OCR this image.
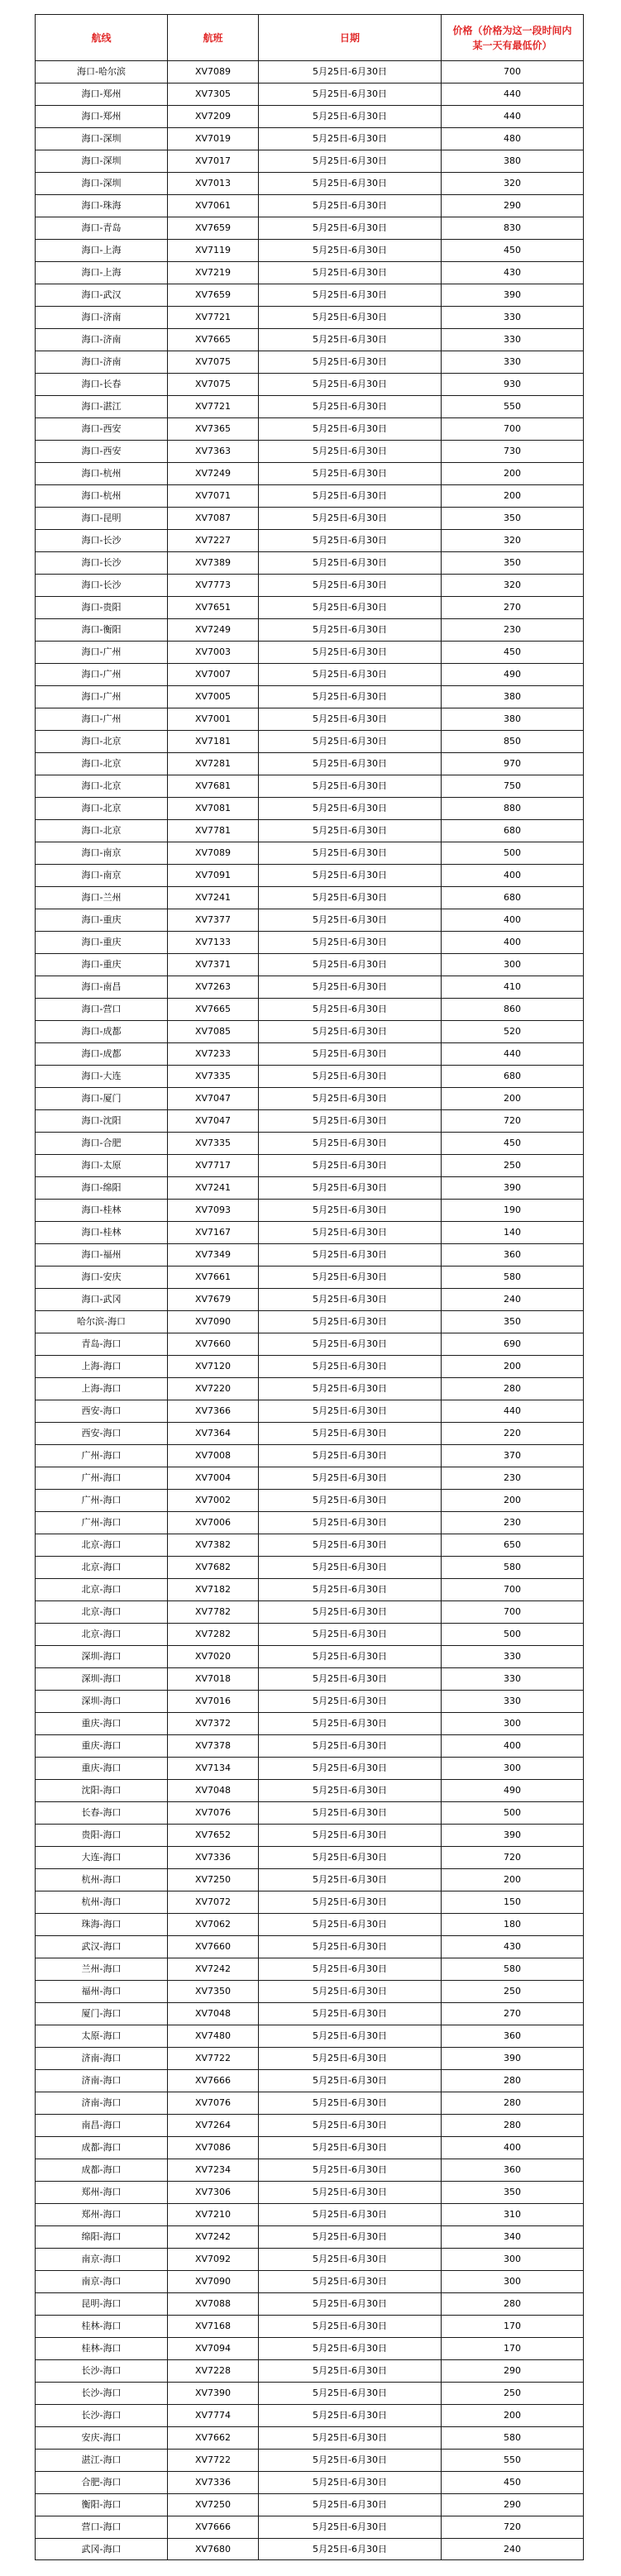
航线	航班	日期	价格（价格为这一段时间内某一天有最低价）
海口-哈尔滨	XV7089	5月25日-6月30日	700
海口-郑州	XV7305	5月25日-6月30日	440
海口-郑州	XV7209	5月25日-6月30日	440
海口-深圳	XV7019	5月25日-6月30日	480
海口-深圳	XV7017	5月25日-6月30日	380
海口-深圳	XV7013	5月25日-6月30日	320
海口-珠海	XV7061	5月25日-6月30日	290
海口-青岛	XV7659	5月25日-6月30日	830
海口-上海	XV7119	5月25日-6月30日	450
海口-上海	XV7219	5月25日-6月30日	430
海口-武汉	XV7659	5月25日-6月30日	390
海口-济南	XV7721	5月25日-6月30日	330
海口-济南	XV7665	5月25日-6月30日	330
海口-济南	XV7075	5月25日-6月30日	330
海口-长春	XV7075	5月25日-6月30日	930
海口-湛江	XV7721	5月25日-6月30日	550
海口-西安	XV7365	5月25日-6月30日	700
海口-西安	XV7363	5月25日-6月30日	730
海口-杭州	XV7249	5月25日-6月30日	200
海口-杭州	XV7071	5月25日-6月30日	200
海口-昆明	XV7087	5月25日-6月30日	350
海口-长沙	XV7227	5月25日-6月30日	320
海口-长沙	XV7389	5月25日-6月30日	350
海口-长沙	XV7773	5月25日-6月30日	320
海口-贵阳	XV7651	5月25日-6月30日	270
海口-衡阳	XV7249	5月25日-6月30日	230
海口-广州	XV7003	5月25日-6月30日	450
海口-广州	XV7007	5月25日-6月30日	490
海口-广州	XV7005	5月25日-6月30日	380
海口-广州	XV7001	5月25日-6月30日	380
海口-北京	XV7181	5月25日-6月30日	850
海口-北京	XV7281	5月25日-6月30日	970
海口-北京	XV7681	5月25日-6月30日	750
海口-北京	XV7081	5月25日-6月30日	880
海口-北京	XV7781	5月25日-6月30日	680
海口-南京	XV7089	5月25日-6月30日	500
海口-南京	XV7091	5月25日-6月30日	400
海口-兰州	XV7241	5月25日-6月30日	680
海口-重庆	XV7377	5月25日-6月30日	400
海口-重庆	XV7133	5月25日-6月30日	400
海口-重庆	XV7371	5月25日-6月30日	300
海口-南昌	XV7263	5月25日-6月30日	410
海口-营口	XV7665	5月25日-6月30日	860
海口-成都	XV7085	5月25日-6月30日	520
海口-成都	XV7233	5月25日-6月30日	440
海口-大连	XV7335	5月25日-6月30日	680
海口-厦门	XV7047	5月25日-6月30日	200
海口-沈阳	XV7047	5月25日-6月30日	720
海口-合肥	XV7335	5月25日-6月30日	450
海口-太原	XV7717	5月25日-6月30日	250
海口-绵阳	XV7241	5月25日-6月30日	390
海口-桂林	XV7093	5月25日-6月30日	190
海口-桂林	XV7167	5月25日-6月30日	140
海口-福州	XV7349	5月25日-6月30日	360
海口-安庆	XV7661	5月25日-6月30日	580
海口-武冈	XV7679	5月25日-6月30日	240
哈尔滨-海口	XV7090	5月25日-6月30日	350
青岛-海口	XV7660	5月25日-6月30日	690
上海-海口	XV7120	5月25日-6月30日	200
上海-海口	XV7220	5月25日-6月30日	280
西安-海口	XV7366	5月25日-6月30日	440
西安-海口	XV7364	5月25日-6月30日	220
广州-海口	XV7008	5月25日-6月30日	370
广州-海口	XV7004	5月25日-6月30日	230
广州-海口	XV7002	5月25日-6月30日	200
广州-海口	XV7006	5月25日-6月30日	230
北京-海口	XV7382	5月25日-6月30日	650
北京-海口	XV7682	5月25日-6月30日	580
北京-海口	XV7182	5月25日-6月30日	700
北京-海口	XV7782	5月25日-6月30日	700
北京-海口	XV7282	5月25日-6月30日	500
深圳-海口	XV7020	5月25日-6月30日	330
深圳-海口	XV7018	5月25日-6月30日	330
深圳-海口	XV7016	5月25日-6月30日	330
重庆-海口	XV7372	5月25日-6月30日	300
重庆-海口	XV7378	5月25日-6月30日	400
重庆-海口	XV7134	5月25日-6月30日	300
沈阳-海口	XV7048	5月25日-6月30日	490
长春-海口	XV7076	5月25日-6月30日	500
贵阳-海口	XV7652	5月25日-6月30日	390
大连-海口	XV7336	5月25日-6月30日	720
杭州-海口	XV7250	5月25日-6月30日	200
杭州-海口	XV7072	5月25日-6月30日	150
珠海-海口	XV7062	5月25日-6月30日	180
武汉-海口	XV7660	5月25日-6月30日	430
兰州-海口	XV7242	5月25日-6月30日	580
福州-海口	XV7350	5月25日-6月30日	250
厦门-海口	XV7048	5月25日-6月30日	270
太原-海口	XV7480	5月25日-6月30日	360
济南-海口	XV7722	5月25日-6月30日	390
济南-海口	XV7666	5月25日-6月30日	280
济南-海口	XV7076	5月25日-6月30日	280
南昌-海口	XV7264	5月25日-6月30日	280
成都-海口	XV7086	5月25日-6月30日	400
成都-海口	XV7234	5月25日-6月30日	360
郑州-海口	XV7306	5月25日-6月30日	350
郑州-海口	XV7210	5月25日-6月30日	310
绵阳-海口	XV7242	5月25日-6月30日	340
南京-海口	XV7092	5月25日-6月30日	300
南京-海口	XV7090	5月25日-6月30日	300
昆明-海口	XV7088	5月25日-6月30日	280
桂林-海口	XV7168	5月25日-6月30日	170
桂林-海口	XV7094	5月25日-6月30日	170
长沙-海口	XV7228	5月25日-6月30日	290
长沙-海口	XV7390	5月25日-6月30日	250
长沙-海口	XV7774	5月25日-6月30日	200
安庆-海口	XV7662	5月25日-6月30日	580
湛江-海口	XV7722	5月25日-6月30日	550
合肥-海口	XV7336	5月25日-6月30日	450
衡阳-海口	XV7250	5月25日-6月30日	290
营口-海口	XV7666	5月25日-6月30日	720
武冈-海口	XV7680	5月25日-6月30日	240
